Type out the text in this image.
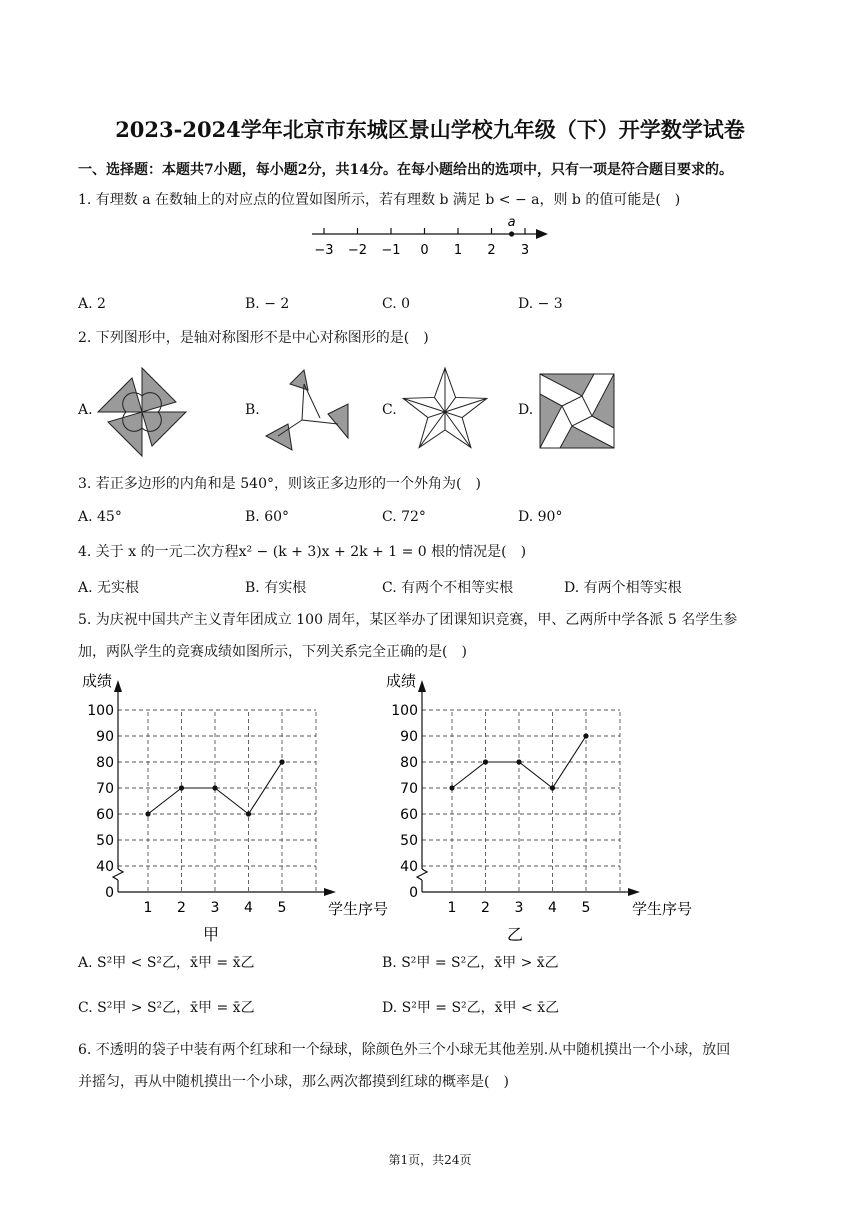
2023-2024学年北京市东城区景山学校九年级（下）开学数学试卷
一、选择题：本题共7小题，每小题2分，共14分。在每小题给出的选项中，只有一项是符合题目要求的。
1. 有理数 a 在数轴上的对应点的位置如图所示，若有理数 b 满足 b < − a，则 b 的值可能是(　)
−3 −2 −1 0 1 2 3
a
A. 2	B. − 2	C. 0	D. − 3
2. 下列图形中，是轴对称图形不是中心对称图形的是(　)
A.	B.	C.	D.
3. 若正多边形的内角和是 540°，则该正多边形的一个外角为(　)
A. 45°	B. 60°	C. 72°	D. 90°
4. 关于 x 的一元二次方程x² − (k + 3)x + 2k + 1 = 0 根的情况是(　)
A. 无实根	B. 有实根	C. 有两个不相等实根	D. 有两个相等实根
5. 为庆祝中国共产主义青年团成立 100 周年，某区举办了团课知识竞赛，甲、乙两所中学各派 5 名学生参
加，两队学生的竞赛成绩如图所示，下列关系完全正确的是(　)
0
40
50
60
70
80
90
100
1 2 3 4 5
成绩
学生序号
甲
0
40
50
60
70
80
90
100
1 2 3 4 5
成绩
学生序号
乙
A. S²甲 < S²乙，x̄甲 = x̄乙	B. S²甲 = S²乙，x̄甲 > x̄乙
C. S²甲 > S²乙，x̄甲 = x̄乙	D. S²甲 = S²乙，x̄甲 < x̄乙
6. 不透明的袋子中装有两个红球和一个绿球，除颜色外三个小球无其他差别.从中随机摸出一个小球，放回
并摇匀，再从中随机摸出一个小球，那么两次都摸到红球的概率是(　)
第1页，共24页
